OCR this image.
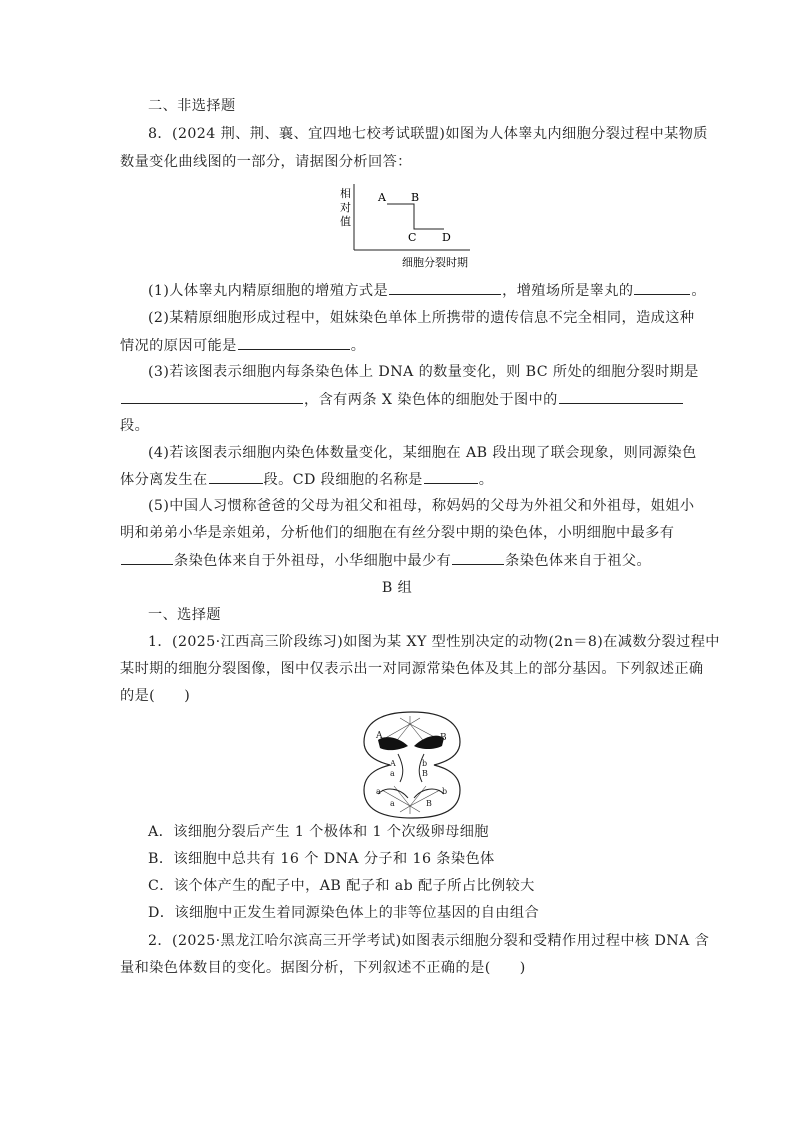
二、非选择题
8．(2024 荆、荆、襄、宜四地七校考试联盟)如图为人体睾丸内细胞分裂过程中某物质
数量变化曲线图的一部分，请据图分析回答：
相
对
值
A B
C D
细胞分裂时期
(1)人体睾丸内精原细胞的增殖方式是	，增殖场所是睾丸的	。
(2)某精原细胞形成过程中，姐妹染色单体上所携带的遗传信息不完全相同，造成这种
情况的原因可能是	。
(3)若该图表示细胞内每条染色体上 DNA 的数量变化，则 BC 所处的细胞分裂时期是
，含有两条 X 染色体的细胞处于图中的
段。
(4)若该图表示细胞内染色体数量变化，某细胞在 AB 段出现了联会现象，则同源染色
体分离发生在	段。CD 段细胞的名称是	。
(5)中国人习惯称爸爸的父母为祖父和祖母，称妈妈的父母为外祖父和外祖母，姐姐小
明和弟弟小华是亲姐弟，分析他们的细胞在有丝分裂中期的染色体，小明细胞中最多有
条染色体来自于外祖母，小华细胞中最少有	条染色体来自于祖父。
B 组
一、选择题
1．(2025·江西高三阶段练习)如图为某 XY 型性别决定的动物(2n＝8)在减数分裂过程中
某时期的细胞分裂图像，图中仅表示出一对同源常染色体及其上的部分基因。下列叙述正确
的是(　　)
A	B
A	b
a	B
a	b
a	B
A．该细胞分裂后产生 1 个极体和 1 个次级卵母细胞
B．该细胞中总共有 16 个 DNA 分子和 16 条染色体
C．该个体产生的配子中，AB 配子和 ab 配子所占比例较大
D．该细胞中正发生着同源染色体上的非等位基因的自由组合
2．(2025·黑龙江哈尔滨高三开学考试)如图表示细胞分裂和受精作用过程中核 DNA 含
量和染色体数目的变化。据图分析，下列叙述不正确的是(　　)
